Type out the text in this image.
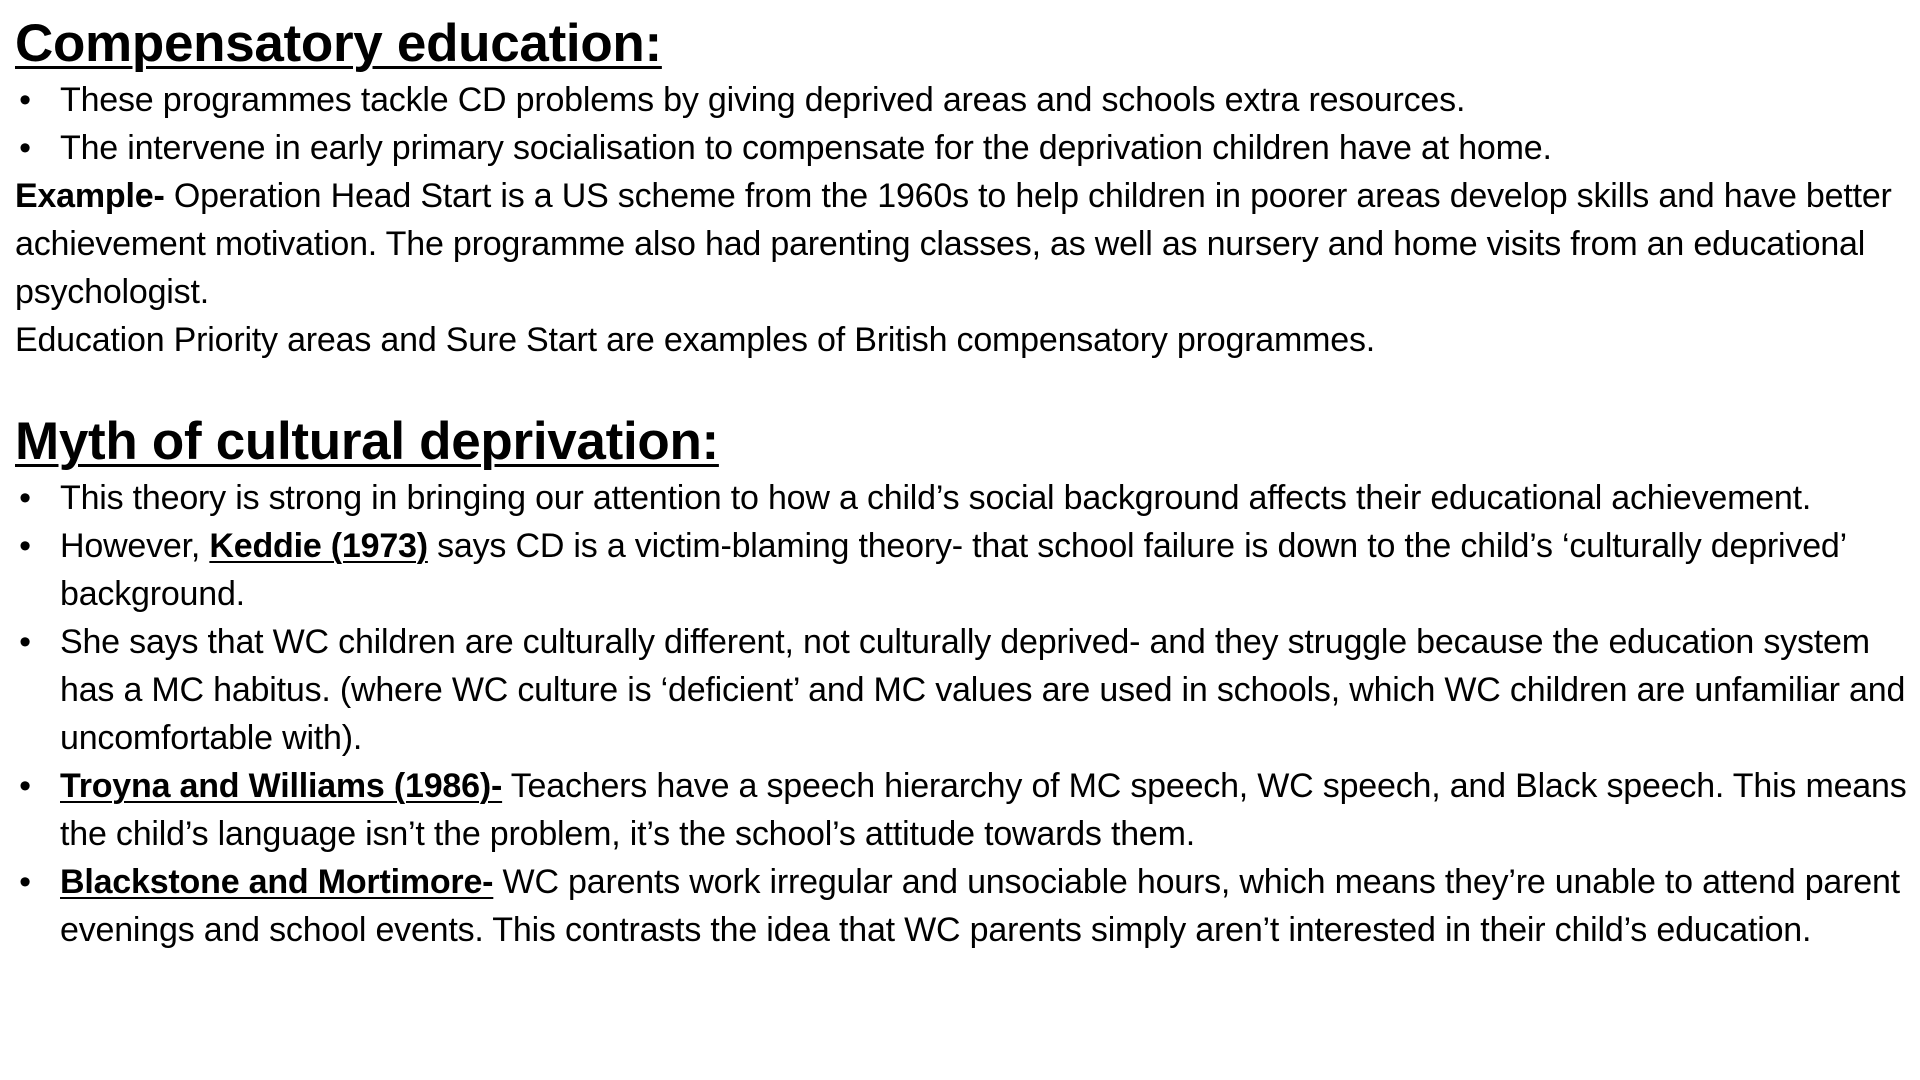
Compensatory education:
• These programmes tackle CD problems by giving deprived areas and schools extra resources.
• The intervene in early primary socialisation to compensate for the deprivation children have at home.

Example- Operation Head Start is a US scheme from the 1960s to help children in poorer areas develop skills and have better achievement motivation. The programme also had parenting classes, as well as nursery and home visits from an educational psychologist.

Education Priority areas and Sure Start are examples of British compensatory programmes.

Myth of cultural deprivation:
• This theory is strong in bringing our attention to how a child’s social background affects their educational achievement.
• However, Keddie (1973) says CD is a victim-blaming theory- that school failure is down to the child’s ‘culturally deprived’ background.
• She says that WC children are culturally different, not culturally deprived- and they struggle because the education system has a MC habitus. (where WC culture is ‘deficient’ and MC values are used in schools, which WC children are unfamiliar and uncomfortable with).
• Troyna and Williams (1986)- Teachers have a speech hierarchy of MC speech, WC speech, and Black speech. This means the child’s language isn’t the problem, it’s the school’s attitude towards them.
• Blackstone and Mortimore- WC parents work irregular and unsociable hours, which means they’re unable to attend parent evenings and school events. This contrasts the idea that WC parents simply aren’t interested in their child’s education.
